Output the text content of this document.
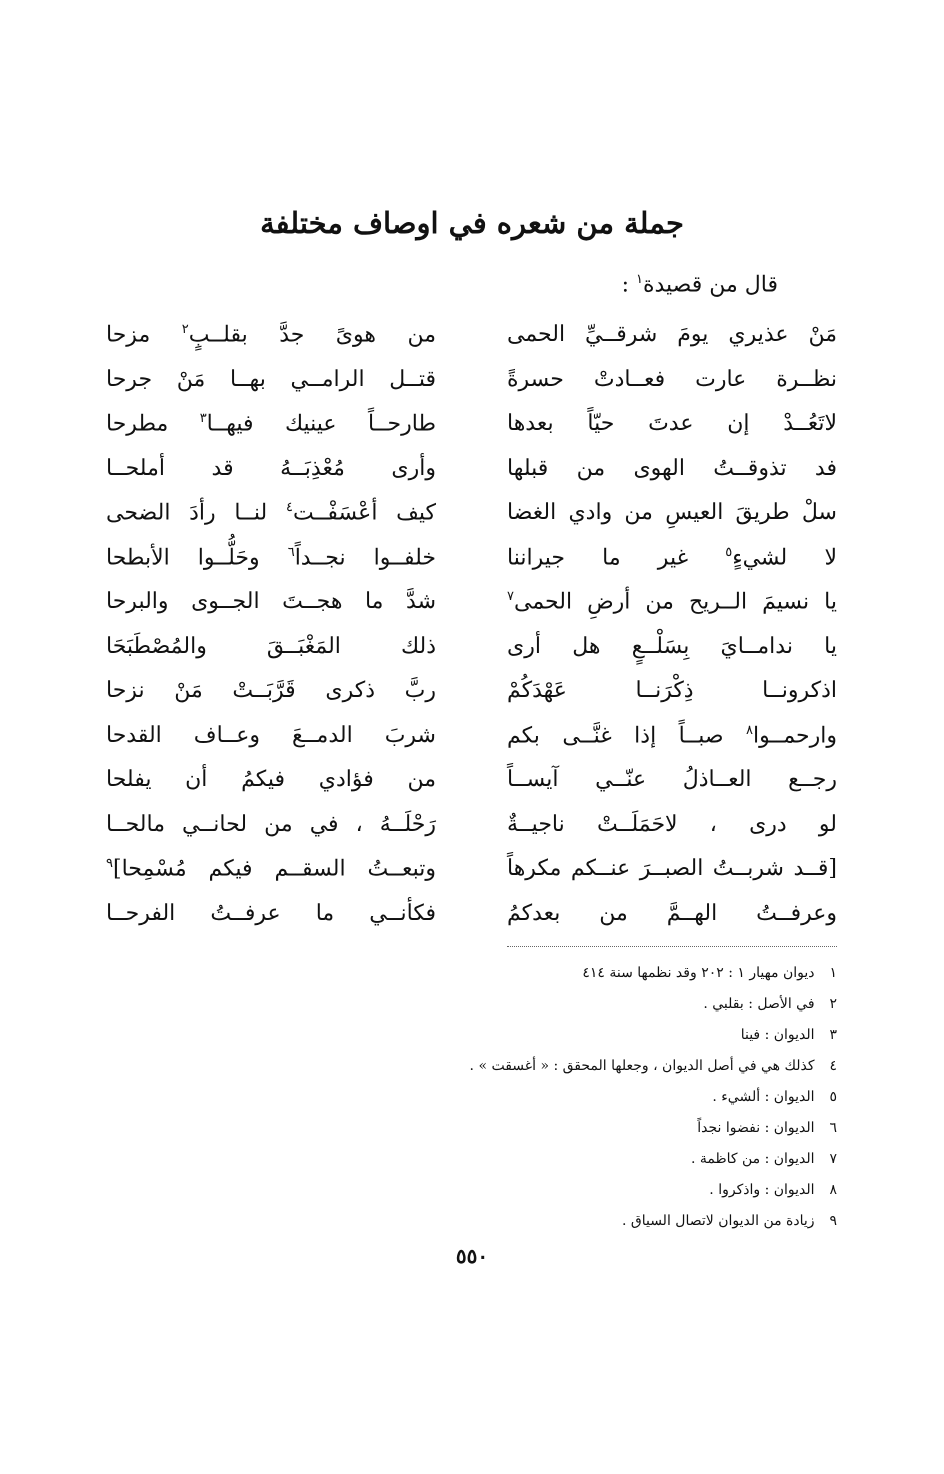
جملة من شعره في اوصاف مختلفة
قال من قصيدة$^١$ :
مَنْ عذيري يومَ شرقــيِّ الحمى
من هوىً جدَّ بقلــبٍ$^٢$ مزحا
نظــرة عارت فعــادتْ حسرةً
قتــل الرامــي بهــا مَنْ جرحا
لاتَعُــدْ إن عدتَ حيّاً بعدها
طارحــاً عينيك فيهــا$^٣$ مطرحا
فد تذوقــتُ الهوى من قبلها
وأرى مُعْذِبَــهُ قد أملحــا
سلْ طريقَ العيسِ من وادي الغضا
كيف أعْسَفْــت$^٤$ لنــا رأدَ الضحى
لا لشيءٍ$^٥$ غير ما جيراننا
خلفــوا نجــداً$^٦$ وحَلُّــوا الأبطحا
يا نسيمَ الــريح من أرضِ الحمى$^٧$
شدَّ ما هجــتَ الجــوى والبرحا
يا ندامــايَ بِسَلْــعٍ هل أرى
ذلك المَغْبَــقَ والمُصْطَبَحَا
اذكرونــا ذِكْرَنــا عَهْدَكُمْ
ربَّ ذكرى قَرَّبَــتْ مَنْ نزحا
وارحمــوا$^٨$ صبــاً إذا غنَّــى بكم
شربَ الدمــعَ وعــاف القدحا
رجــع العــاذلُ عنّــي آيســاً
من فؤادي فيكمُ أن يفلحا
لو درى ، لاحَمَلَــتْ ناجيــةٌ
رَحْلَــهُ ، في من لحانــي مالحــا
[قــد شربــتُ الصبــرَ عنــكم مكرهاً
وتبعــتُ السقــم فيكم مُسْمِحا]$^٩$
وعرفــتُ الهــمَّ من بعدكمُ
فكأنــي ما عرفــتُ الفرحــا
١ ديوان مهيار ١ : ٢٠٢ وقد نظمها سنة ٤١٤
٢ في الأصل : بقلبي .
٣ الديوان : فينا
٤ كذلك هي في أصل الديوان ، وجعلها المحقق : « أغسقت » .
٥ الديوان : ألشيء .
٦ الديوان : نفضوا نجداً
٧ الديوان : من كاظمة .
٨ الديوان : واذكروا .
٩ زيادة من الديوان لاتصال السياق .
٥٥٠
